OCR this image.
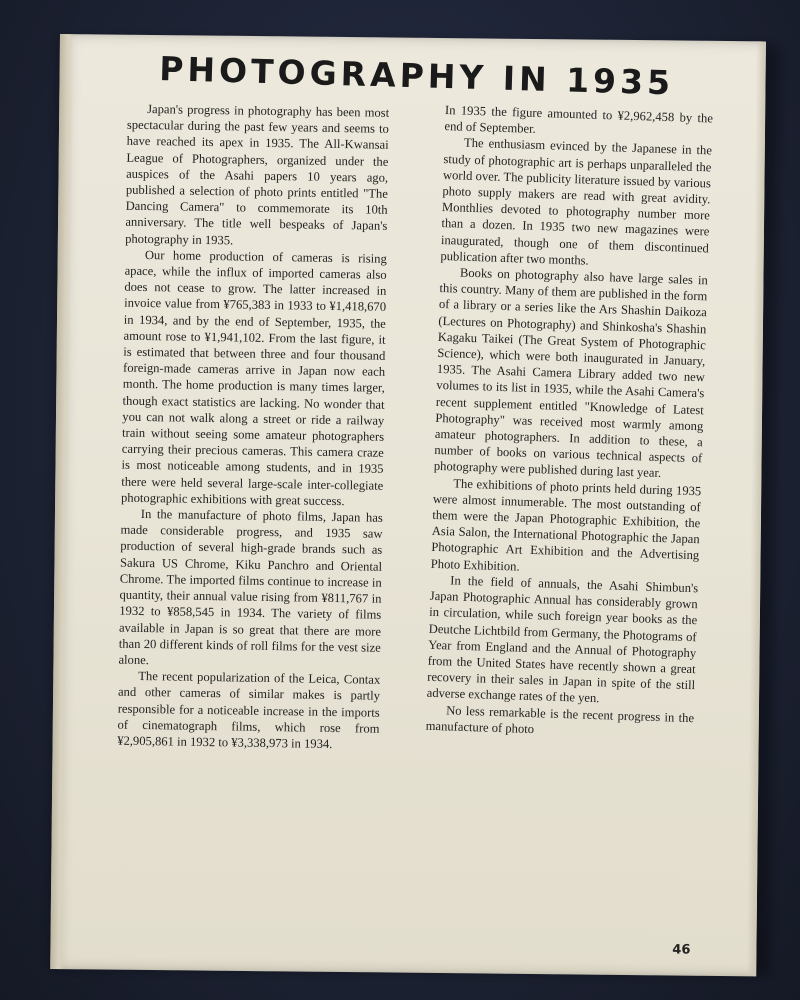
PHOTOGRAPHY IN 1935

Japan's progress in photography has been most spectacular during the past few years and seems to have reached its apex in 1935. The All-Kwansai League of Photographers, organized under the auspices of the Asahi papers 10 years ago, published a selection of photo prints entitled "The Dancing Camera" to commemorate its 10th anniversary. The title well bespeaks of Japan's photography in 1935.

Our home production of cameras is rising apace, while the influx of imported cameras also does not cease to grow. The latter increased in invoice value from ¥765,383 in 1933 to ¥1,418,670 in 1934, and by the end of September, 1935, the amount rose to ¥1,941,102. From the last figure, it is estimated that between three and four thousand foreign-made cameras arrive in Japan now each month. The home production is many times larger, though exact statistics are lacking. No wonder that you can not walk along a street or ride a railway train without seeing some amateur photographers carrying their precious cameras. This camera craze is most noticeable among students, and in 1935 there were held several large-scale inter-collegiate photographic exhibitions with great success.

In the manufacture of photo films, Japan has made considerable progress, and 1935 saw production of several high-grade brands such as Sakura US Chrome, Kiku Panchro and Oriental Chrome. The imported films continue to increase in quantity, their annual value rising from ¥811,767 in 1932 to ¥858,545 in 1934. The variety of films available in Japan is so great that there are more than 20 different kinds of roll films for the vest size alone.

The recent popularization of the Leica, Contax and other cameras of similar makes is partly responsible for a noticeable increase in the imports of cinematograph films, which rose from ¥2,905,861 in 1932 to ¥3,338,973 in 1934.

In 1935 the figure amounted to ¥2,962,458 by the end of September.

The enthusiasm evinced by the Japanese in the study of photographic art is perhaps unparalleled the world over. The publicity literature issued by various photo supply makers are read with great avidity. Monthlies devoted to photography number more than a dozen. In 1935 two new magazines were inaugurated, though one of them discontinued publication after two months.

Books on photography also have large sales in this country. Many of them are published in the form of a library or a series like the Ars Shashin Daikoza (Lectures on Photography) and Shinkosha's Shashin Kagaku Taikei (The Great System of Photographic Science), which were both inaugurated in January, 1935. The Asahi Camera Library added two new volumes to its list in 1935, while the Asahi Camera's recent supplement entitled "Knowledge of Latest Photography" was received most warmly among amateur photographers. In addition to these, a number of books on various technical aspects of photography were published during last year.

The exhibitions of photo prints held during 1935 were almost innumerable. The most outstanding of them were the Japan Photographic Exhibition, the Asia Salon, the International Photographic the Japan Photographic Art Exhibition and the Advertising Photo Exhibition.

In the field of annuals, the Asahi Shimbun's Japan Photographic Annual has considerably grown in circulation, while such foreign year books as the Deutche Lichtbild from Germany, the Photograms of Year from England and the Annual of Photography from the United States have recently shown a great recovery in their sales in Japan in spite of the still adverse exchange rates of the yen.

No less remarkable is the recent progress in the manufacture of photo

46
